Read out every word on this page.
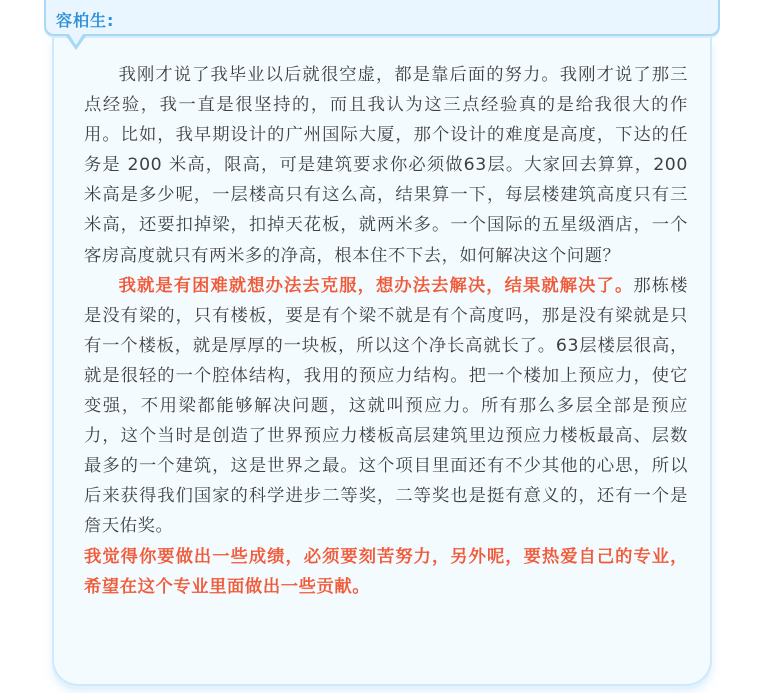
我刚才说了我毕业以后就很空虚，都是靠后面的努力。我刚才说了那三点经验，我一直是很坚持的，而且我认为这三点经验真的是给我很大的作用。比如，我早期设计的广州国际大厦，那个设计的难度是高度，下达的任务是 200 米高，限高，可是建筑要求你必须做63层。大家回去算算，200米高是多少呢，一层楼高只有这么高，结果算一下，每层楼建筑高度只有三米高，还要扣掉梁，扣掉天花板，就两米多。一个国际的五星级酒店，一个客房高度就只有两米多的净高，根本住不下去，如何解决这个问题？

我就是有困难就想办法去克服，想办法去解决，结果就解决了。那栋楼是没有梁的，只有楼板，要是有个梁不就是有个高度吗，那是没有梁就是只有一个楼板，就是厚厚的一块板，所以这个净长高就长了。63层楼层很高，就是很轻的一个腔体结构，我用的预应力结构。把一个楼加上预应力，使它变强，不用梁都能够解决问题，这就叫预应力。所有那么多层全部是预应力，这个当时是创造了世界预应力楼板高层建筑里边预应力楼板最高、层数最多的一个建筑，这是世界之最。这个项目里面还有不少其他的心思，所以后来获得我们国家的科学进步二等奖，二等奖也是挺有意义的，还有一个是詹天佑奖。

我觉得你要做出一些成绩，必须要刻苦努力，另外呢，要热爱自己的专业，希望在这个专业里面做出一些贡献。

容柏生:
